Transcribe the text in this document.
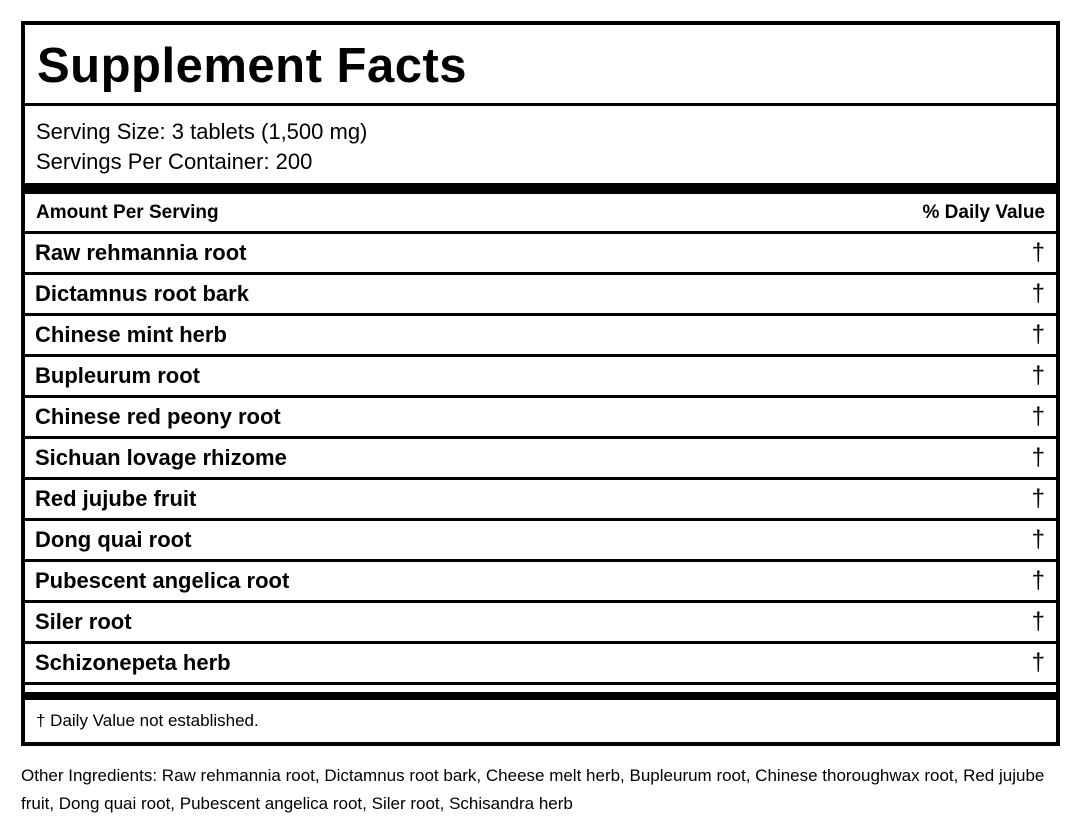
Supplement Facts
Serving Size: 3 tablets (1,500 mg)
Servings Per Container: 200
Amount Per Serving	% Daily Value
Raw rehmannia root	†
Dictamnus root bark	†
Chinese mint herb	†
Bupleurum root	†
Chinese red peony root	†
Sichuan lovage rhizome	†
Red jujube fruit	†
Dong quai root	†
Pubescent angelica root	†
Siler root	†
Schizonepeta herb	†
† Daily Value not established.
Other Ingredients: Raw rehmannia root, Dictamnus root bark, Cheese melt herb, Bupleurum root, Chinese thoroughwax root, Red jujube fruit, Dong quai root, Pubescent angelica root, Siler root, Schisandra herb
